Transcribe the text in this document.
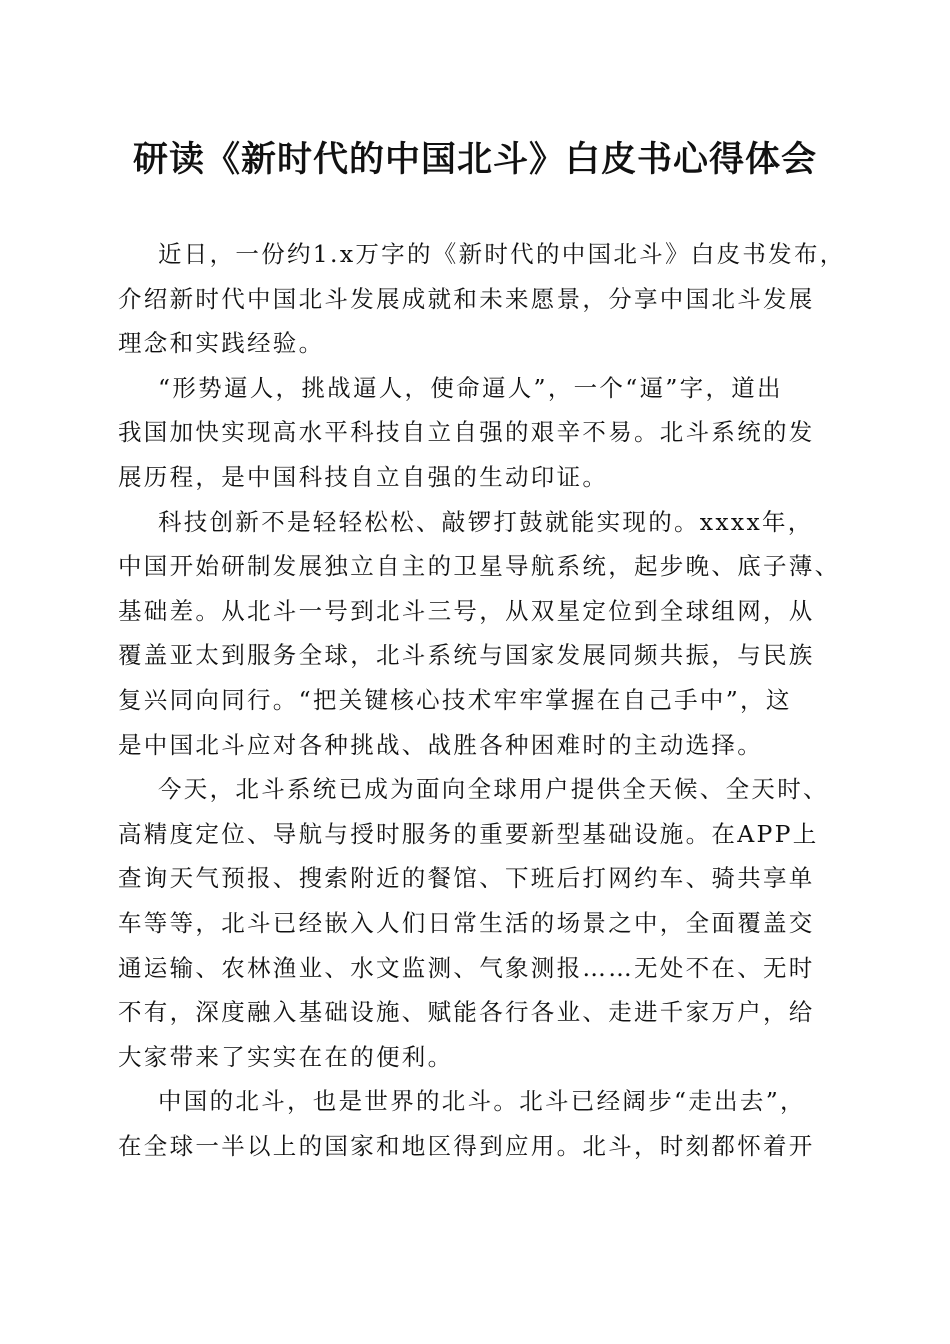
研读《新时代的中国北斗》白皮书心得体会
近日，一份约1.x万字的《新时代的中国北斗》白皮书发布，
介绍新时代中国北斗发展成就和未来愿景，分享中国北斗发展
理念和实践经验。
“形势逼人，挑战逼人，使命逼人”，一个“逼”字，道出
我国加快实现高水平科技自立自强的艰辛不易。北斗系统的发
展历程，是中国科技自立自强的生动印证。
科技创新不是轻轻松松、敲锣打鼓就能实现的。xxxx年，
中国开始研制发展独立自主的卫星导航系统，起步晚、底子薄、
基础差。从北斗一号到北斗三号，从双星定位到全球组网，从
覆盖亚太到服务全球，北斗系统与国家发展同频共振，与民族
复兴同向同行。“把关键核心技术牢牢掌握在自己手中”，这
是中国北斗应对各种挑战、战胜各种困难时的主动选择。
今天，北斗系统已成为面向全球用户提供全天候、全天时、
高精度定位、导航与授时服务的重要新型基础设施。在APP上
查询天气预报、搜索附近的餐馆、下班后打网约车、骑共享单
车等等，北斗已经嵌入人们日常生活的场景之中，全面覆盖交
通运输、农林渔业、水文监测、气象测报……无处不在、无时
不有，深度融入基础设施、赋能各行各业、走进千家万户，给
大家带来了实实在在的便利。
中国的北斗，也是世界的北斗。北斗已经阔步“走出去”，
在全球一半以上的国家和地区得到应用。北斗，时刻都怀着开
